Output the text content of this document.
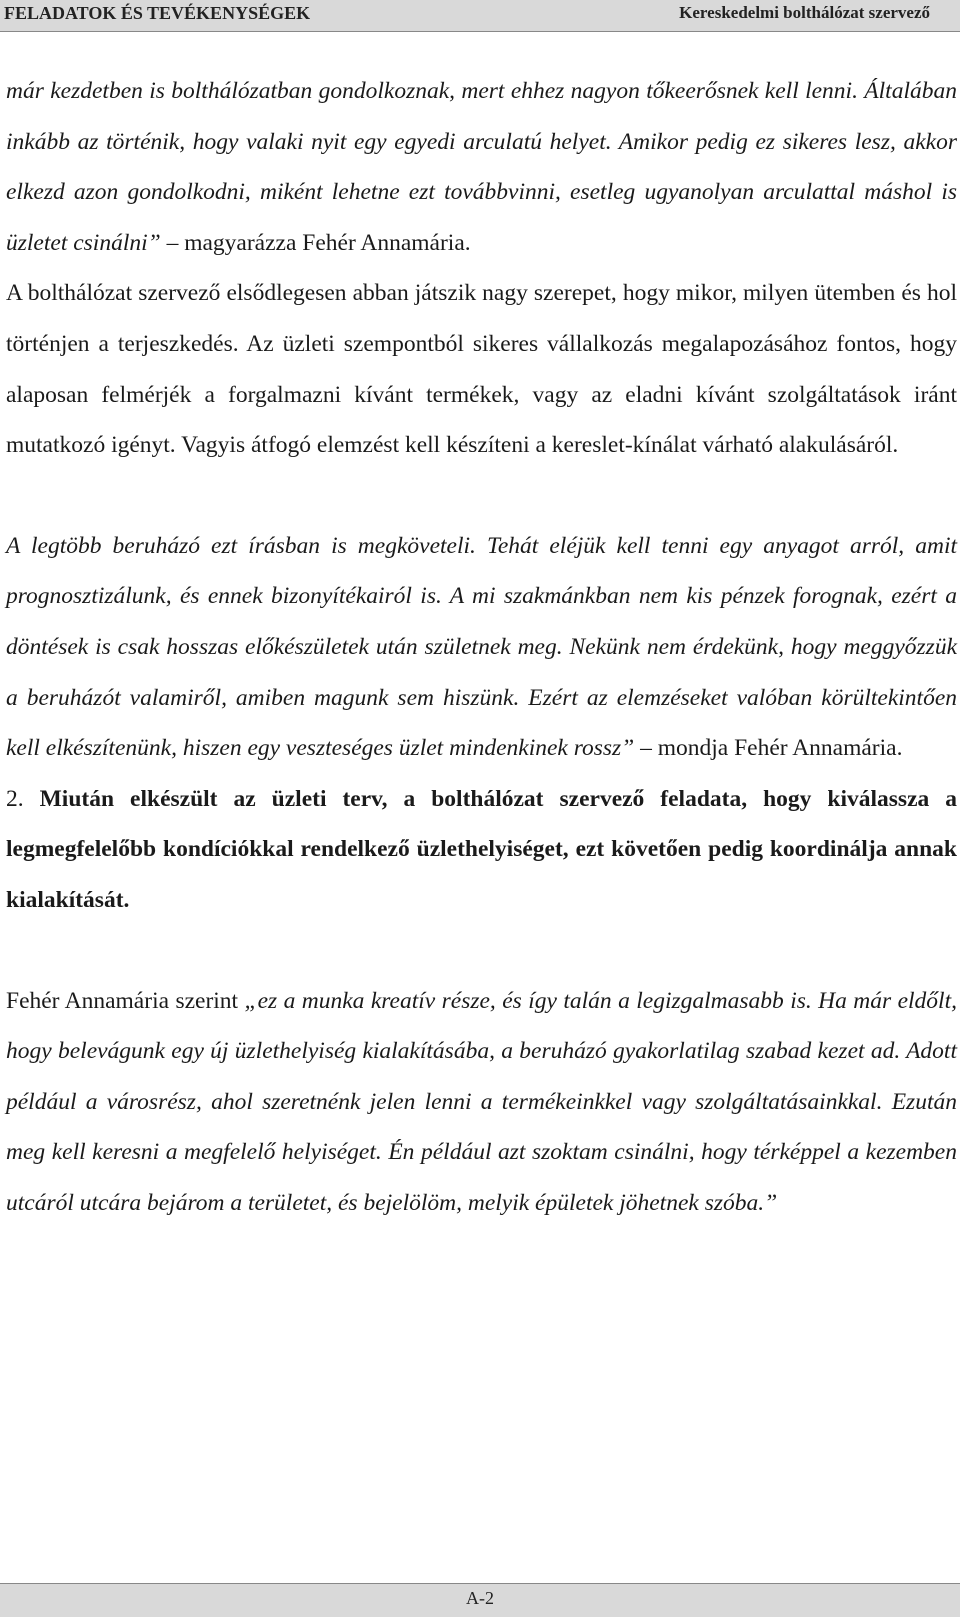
FELADATOK ÉS TEVÉKENYSÉGEK	Kereskedelmi bolthálózat szervező

már kezdetben is bolthálózatban gondolkoznak, mert ehhez nagyon tőkeerősnek kell lenni. Általában inkább az történik, hogy valaki nyit egy egyedi arculatú helyet. Amikor pedig ez sikeres lesz, akkor elkezd azon gondolkodni, miként lehetne ezt továbbvinni, esetleg ugyanolyan arculattal máshol is üzletet csinálni” – magyarázza Fehér Annamária.

A bolthálózat szervező elsődlegesen abban játszik nagy szerepet, hogy mikor, milyen ütemben és hol történjen a terjeszkedés. Az üzleti szempontból sikeres vállalkozás megalapozásához fontos, hogy alaposan felmérjék a forgalmazni kívánt termékek, vagy az eladni kívánt szolgáltatások iránt mutatkozó igényt. Vagyis átfogó elemzést kell készíteni a kereslet-kínálat várható alakulásáról.

A legtöbb beruházó ezt írásban is megköveteli. Tehát eléjük kell tenni egy anyagot arról, amit prognosztizálunk, és ennek bizonyítékairól is. A mi szakmánkban nem kis pénzek forognak, ezért a döntések is csak hosszas előkészületek után születnek meg. Nekünk nem érdekünk, hogy meggyőzzük a beruházót valamiről, amiben magunk sem hiszünk. Ezért az elemzéseket valóban körültekintően kell elkészítenünk, hiszen egy veszteséges üzlet mindenkinek rossz” – mondja Fehér Annamária.

2. Miután elkészült az üzleti terv, a bolthálózat szervező feladata, hogy kiválassza a legmegfelelőbb kondíciókkal rendelkező üzlethelyiséget, ezt követően pedig koordinálja annak kialakítását.

Fehér Annamária szerint „ez a munka kreatív része, és így talán a legizgalmasabb is. Ha már eldőlt, hogy belevágunk egy új üzlethelyiség kialakításába, a beruházó gyakorlatilag szabad kezet ad. Adott például a városrész, ahol szeretnénk jelen lenni a termékeinkkel vagy szolgáltatásainkkal. Ezután meg kell keresni a megfelelő helyiséget. Én például azt szoktam csinálni, hogy térképpel a kezemben utcáról utcára bejárom a területet, és bejelölöm, melyik épületek jöhetnek szóba.”

A-2
